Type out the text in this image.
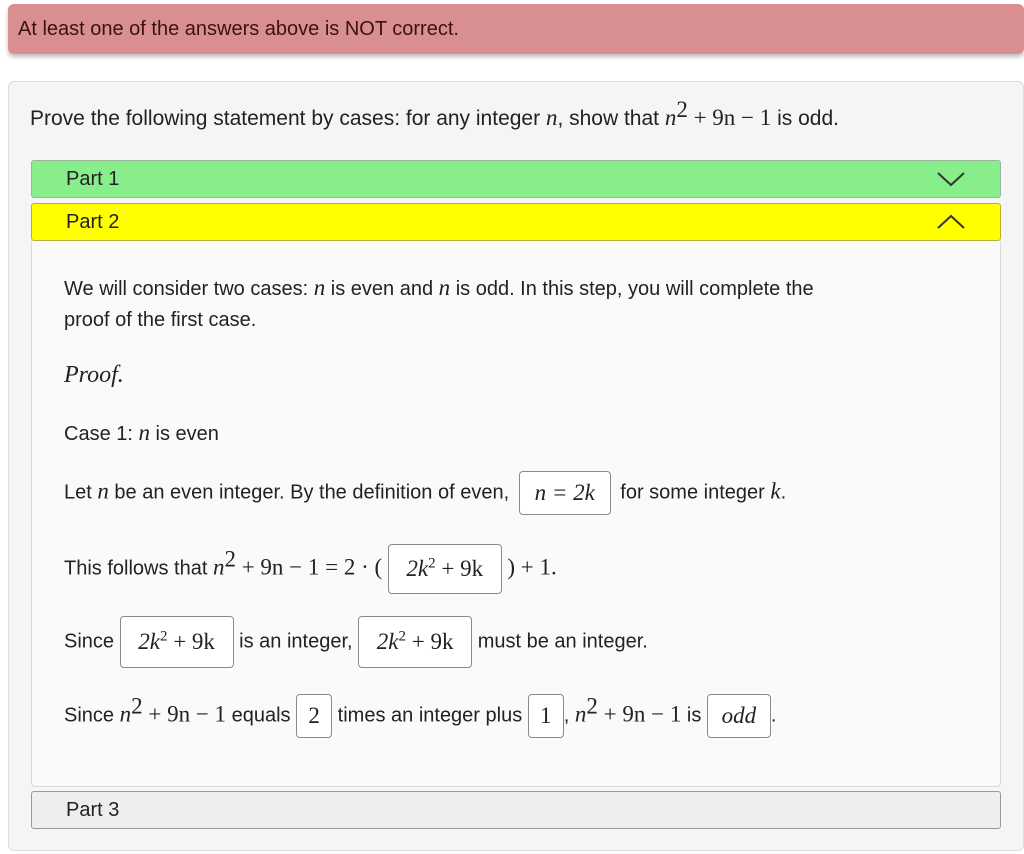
At least one of the answers above is NOT correct.
Prove the following statement by cases: for any integer n, show that $n^2 + 9n - 1$ is odd.
Part 1
Part 2
We will consider two cases: n is even and n is odd. In this step, you will complete the
proof of the first case.
Proof.
Case 1: n is even
Let n be an even integer. By the definition of even, n = 2k for some integer k.
This follows that $n^2 + 9n - 1 = 2$ · ( $2k^2 + 9k$ ) + 1.
Since $2k^2 + 9k$ is an integer, $2k^2 + 9k$ must be an integer.
Since $n^2 + 9n - 1$ equals 2 times an integer plus 1 , $n^2 + 9n - 1$ is odd .
Part 3
